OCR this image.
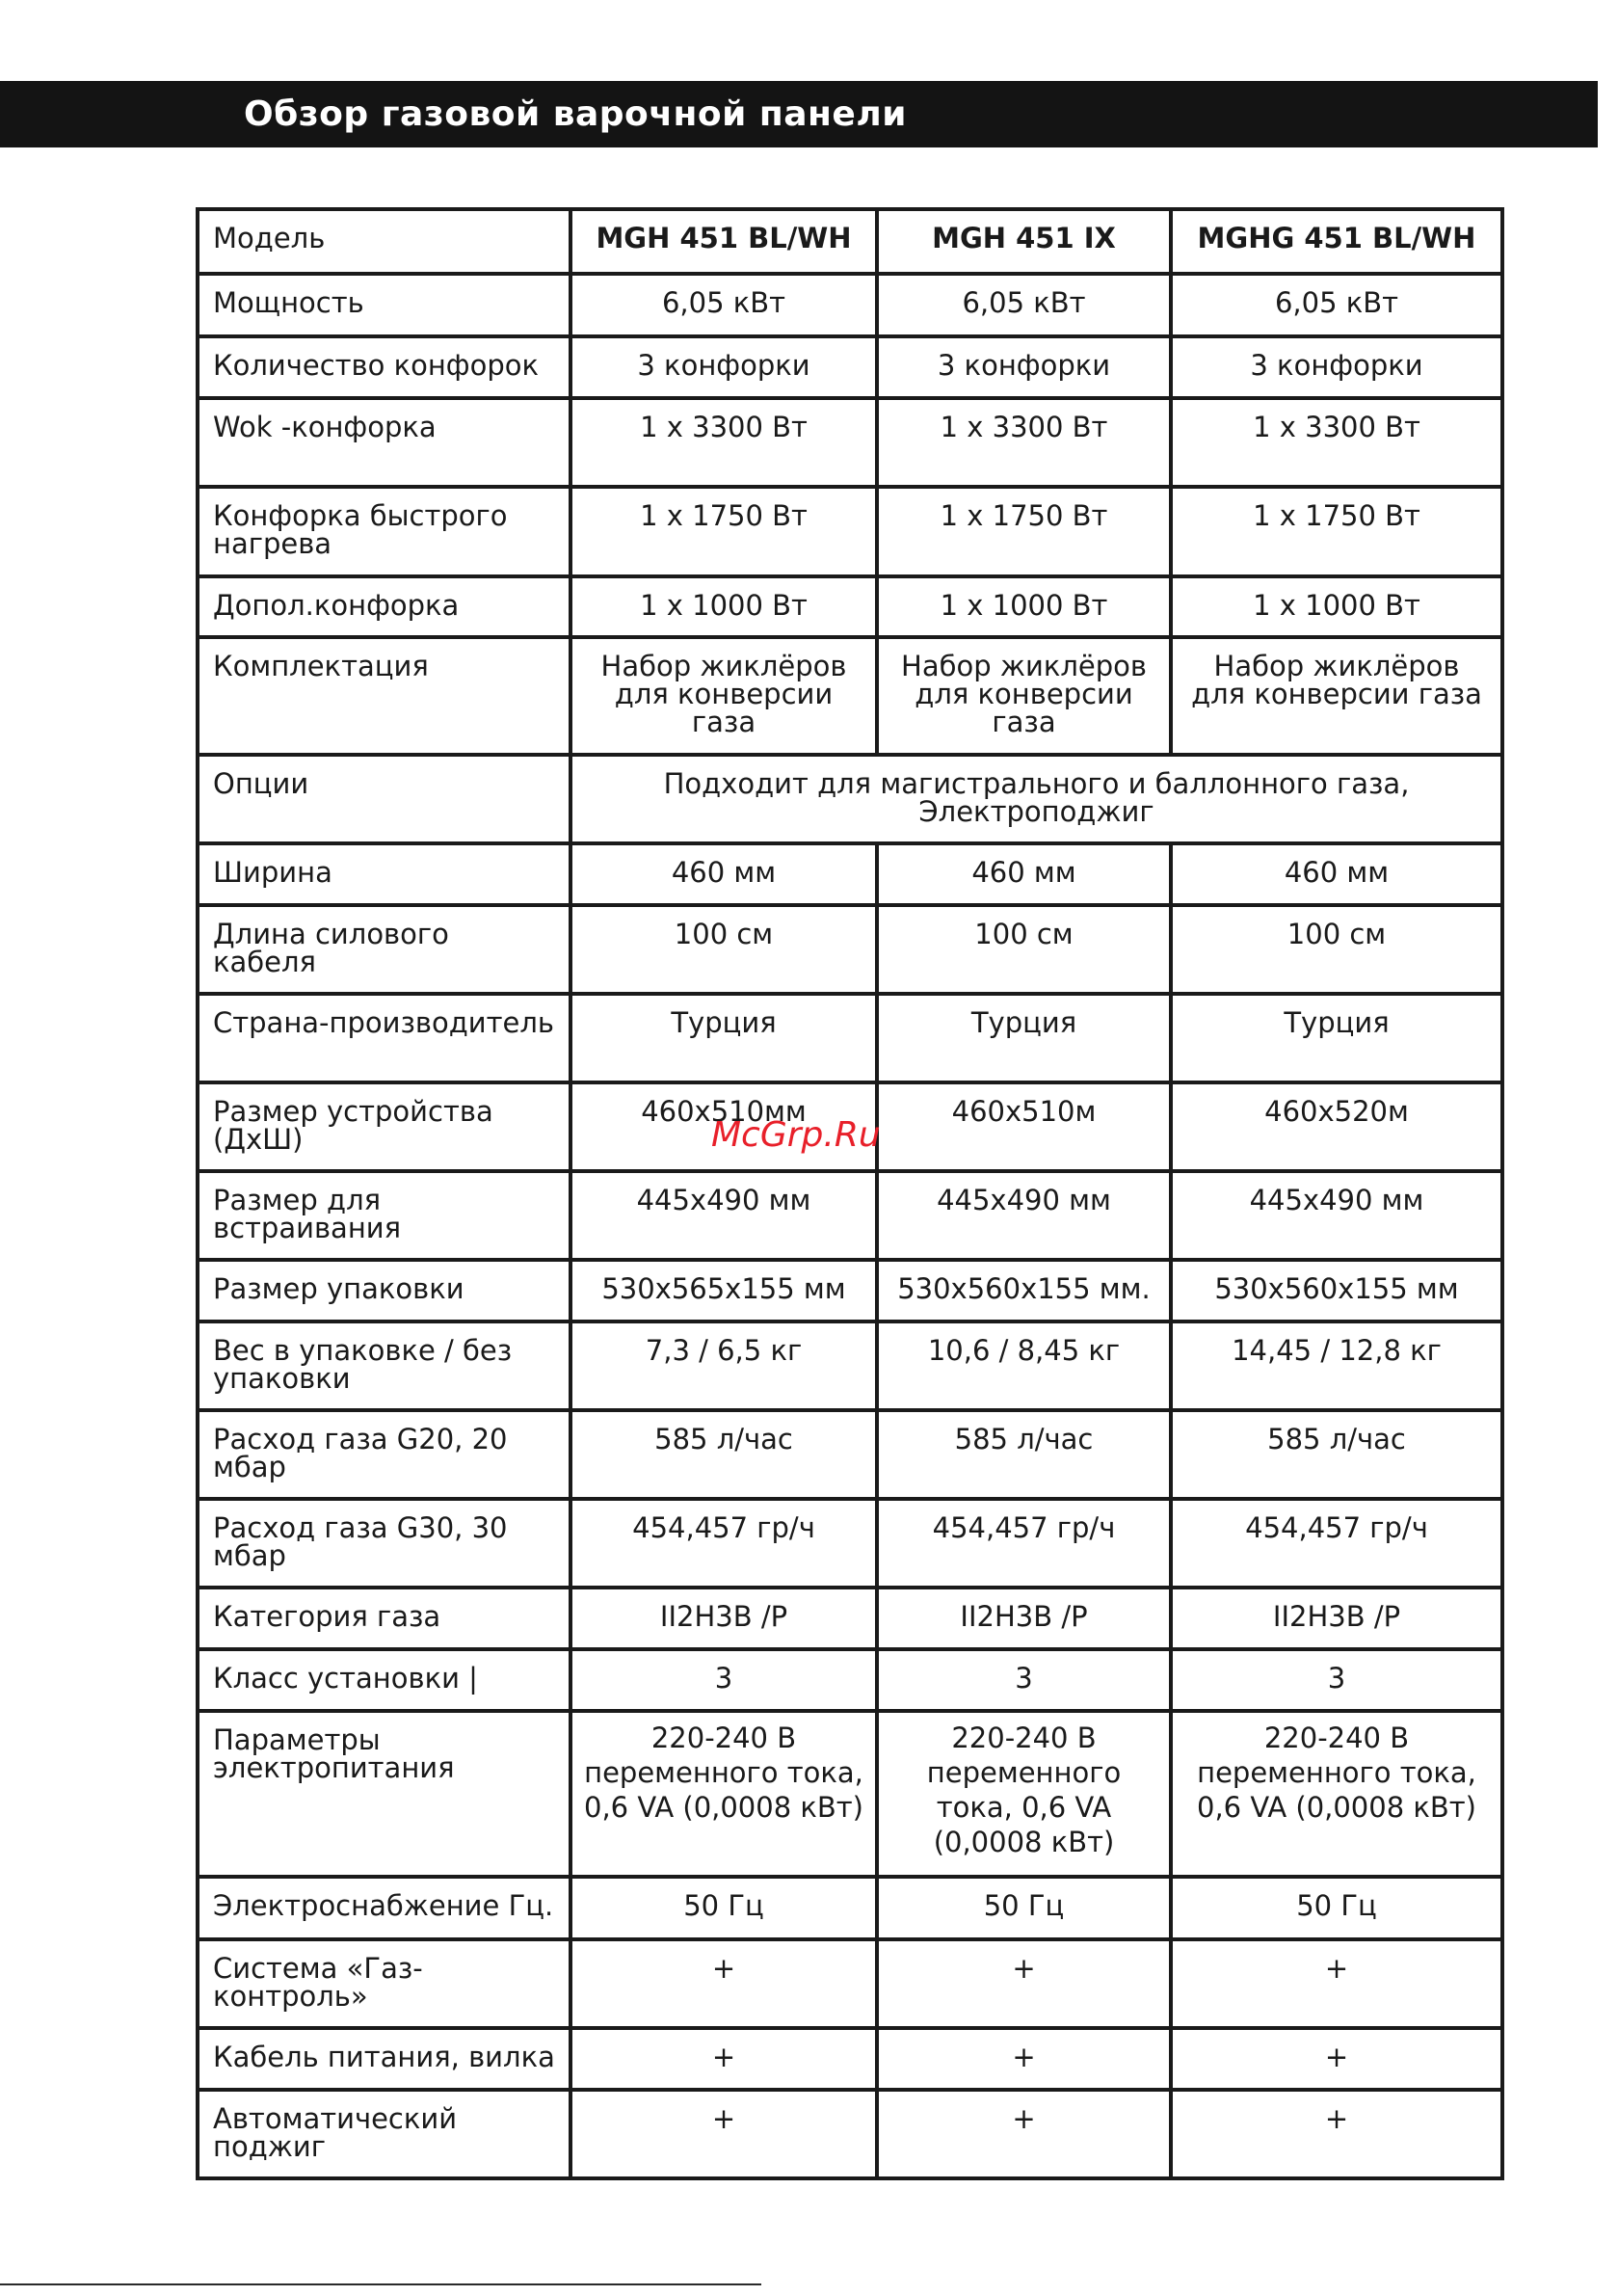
Обзор газовой варочной панели
Модель	MGH 451 BL/WH	MGH 451 IX	MGHG 451 BL/WH
Мощность	6,05 кВт	6,05 кВт	6,05 кВт
Количество конфорок	3 конфорки	3 конфорки	3 конфорки
Wok -конфорка	1 x 3300 Вт	1 x 3300 Вт	1 x 3300 Вт
Конфорка быстрого нагрева	1 x 1750 Вт	1 x 1750 Вт	1 x 1750 Вт
Допол.конфорка	1 x 1000 Вт	1 x 1000 Вт	1 x 1000 Вт
Комплектация	Набор жиклёров для конверсии газа	Набор жиклёров для конверсии газа	Набор жиклёров для конверсии газа
Опции	Подходит для магистрального и баллонного газа, Электроподжиг		
Ширина	460 мм	460 мм	460 мм
Длина силового кабеля	100 см	100 см	100 см
Страна-производитель	Турция	Турция	Турция
Размер устройства (ДхШ)	460x510мм	460x510м	460x520м
Размер для встраивания	445x490 мм	445x490 мм	445x490 мм
Размер упаковки	530x565x155 мм	530x560x155 мм.	530x560x155 мм
Вес в упаковке / без упаковки	7,3 / 6,5 кг	10,6 / 8,45 кг	14,45 / 12,8 кг
Расход газа G20, 20 мбар	585 л/час	585 л/час	585 л/час
Расход газа G30, 30 мбар	454,457 гр/ч	454,457 гр/ч	454,457 гр/ч
Категория газа	II2H3B /P	II2H3B /P	II2H3B /P
Класс установки |	3	3	3
Параметры электропитания	220-240 В переменного тока, 0,6 VA (0,0008 кВт)	220-240 В переменного тока, 0,6 VA (0,0008 кВт)	220-240 В переменного тока, 0,6 VA (0,0008 кВт)
Электроснабжение Гц.	50 Гц	50 Гц	50 Гц
Система «Газ- контроль»	+	+	+
Кабель питания, вилка	+	+	+
Автоматический поджиг	+	+	+
McGrp.Ru
